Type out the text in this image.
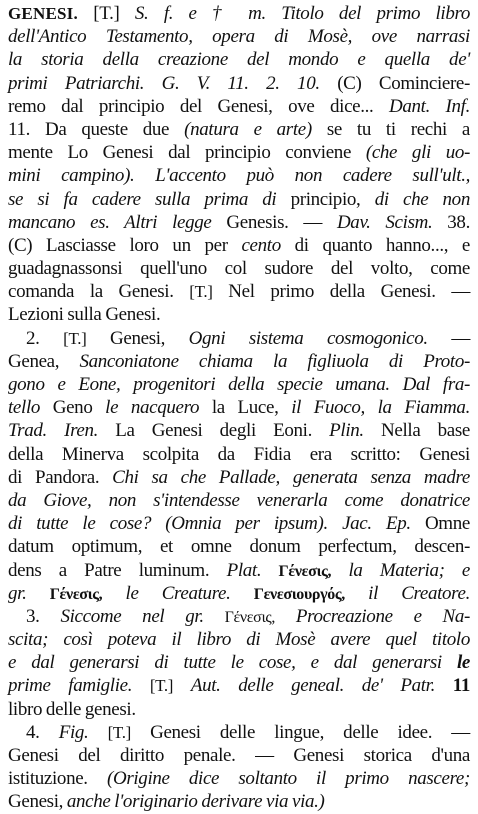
GENESI. [T.] S. f. e † m. Titolo del primo libro
dell'Antico Testamento, opera di Mosè, ove narrasi
la storia della creazione del mondo e quella de'
primi Patriarchi. G. V. 11. 2. 10. (C) Cominciere-
remo dal principio del Genesi, ove dice... Dant. Inf.
11. Da queste due (natura e arte) se tu ti rechi a
mente Lo Genesi dal principio conviene (che gli uo-
mini campino). L'accento può non cadere sull'ult.,
se si fa cadere sulla prima di principio, di che non
mancano es. Altri legge Genesis. — Dav. Scism. 38.
(C) Lasciasse loro un per cento di quanto hanno..., e
guadagnassonsi quell'uno col sudore del volto, come
comanda la Genesi. [T.] Nel primo della Genesi. —
Lezioni sulla Genesi.
2. [T.] Genesi, Ogni sistema cosmogonico. —
Genea, Sanconiatone chiama la figliuola di Proto-
gono e Eone, progenitori della specie umana. Dal fra-
tello Geno le nacquero la Luce, il Fuoco, la Fiamma.
Trad. Iren. La Genesi degli Eoni. Plin. Nella base
della Minerva scolpita da Fidia era scritto: Genesi
di Pandora. Chi sa che Pallade, generata senza madre
da Giove, non s'intendesse venerarla come donatrice
di tutte le cose? (Omnia per ipsum). Jac. Ep. Omne
datum optimum, et omne donum perfectum, descen-
dens a Patre luminum. Plat. Γένεσις, la Materia; e
gr. Γένεσις, le Creature. Γενεσιουργός, il Creatore.
3. Siccome nel gr. Γένεσις, Procreazione e Na-
scita; così poteva il libro di Mosè avere quel titolo
e dal generarsi di tutte le cose, e dal generarsi le
prime famiglie. [T.] Aut. delle geneal. de' Patr. 11
libro delle genesi.
4. Fig. [T.] Genesi delle lingue, delle idee. —
Genesi del diritto penale. — Genesi storica d'una
istituzione. (Origine dice soltanto il primo nascere;
Genesi, anche l'originario derivare via via.)
